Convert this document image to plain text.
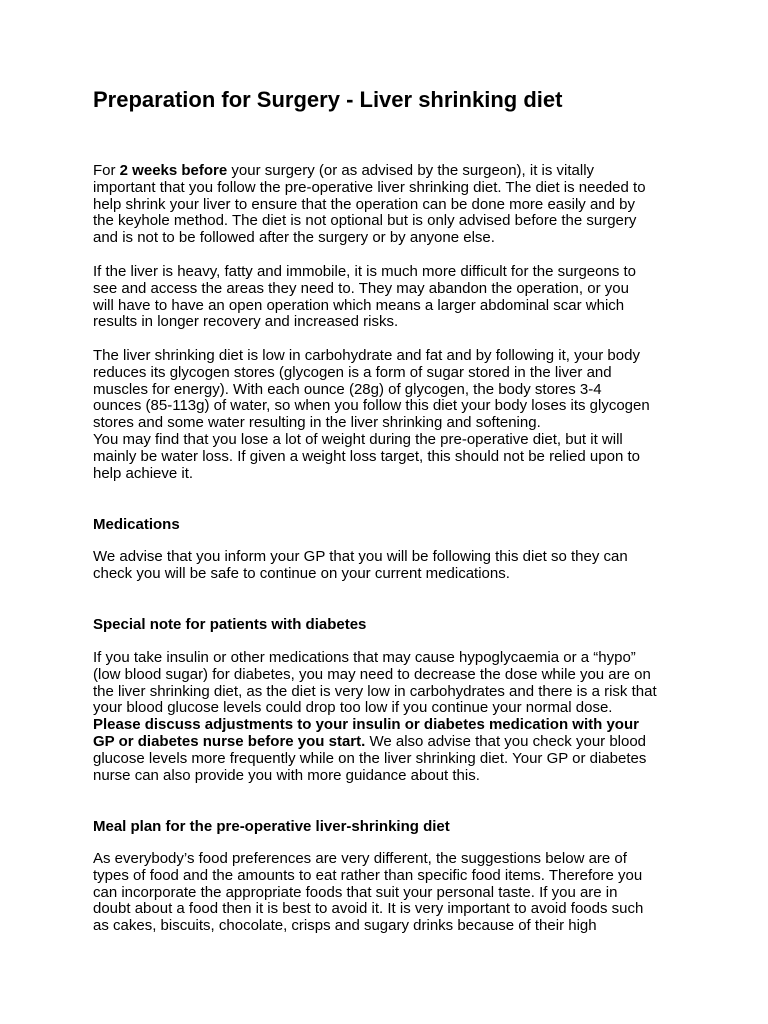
Preparation for Surgery - Liver shrinking diet

For 2 weeks before your surgery (or as advised by the surgeon), it is vitally
important that you follow the pre-operative liver shrinking diet. The diet is needed to
help shrink your liver to ensure that the operation can be done more easily and by
the keyhole method. The diet is not optional but is only advised before the surgery
and is not to be followed after the surgery or by anyone else.

If the liver is heavy, fatty and immobile, it is much more difficult for the surgeons to
see and access the areas they need to. They may abandon the operation, or you
will have to have an open operation which means a larger abdominal scar which
results in longer recovery and increased risks.

The liver shrinking diet is low in carbohydrate and fat and by following it, your body
reduces its glycogen stores (glycogen is a form of sugar stored in the liver and
muscles for energy). With each ounce (28g) of glycogen, the body stores 3-4
ounces (85-113g) of water, so when you follow this diet your body loses its glycogen
stores and some water resulting in the liver shrinking and softening.
You may find that you lose a lot of weight during the pre-operative diet, but it will
mainly be water loss. If given a weight loss target, this should not be relied upon to
help achieve it.

Medications

We advise that you inform your GP that you will be following this diet so they can
check you will be safe to continue on your current medications.

Special note for patients with diabetes

If you take insulin or other medications that may cause hypoglycaemia or a “hypo”
(low blood sugar) for diabetes, you may need to decrease the dose while you are on
the liver shrinking diet, as the diet is very low in carbohydrates and there is a risk that
your blood glucose levels could drop too low if you continue your normal dose.
Please discuss adjustments to your insulin or diabetes medication with your
GP or diabetes nurse before you start. We also advise that you check your blood
glucose levels more frequently while on the liver shrinking diet. Your GP or diabetes
nurse can also provide you with more guidance about this.

Meal plan for the pre-operative liver-shrinking diet

As everybody’s food preferences are very different, the suggestions below are of
types of food and the amounts to eat rather than specific food items. Therefore you
can incorporate the appropriate foods that suit your personal taste. If you are in
doubt about a food then it is best to avoid it. It is very important to avoid foods such
as cakes, biscuits, chocolate, crisps and sugary drinks because of their high
